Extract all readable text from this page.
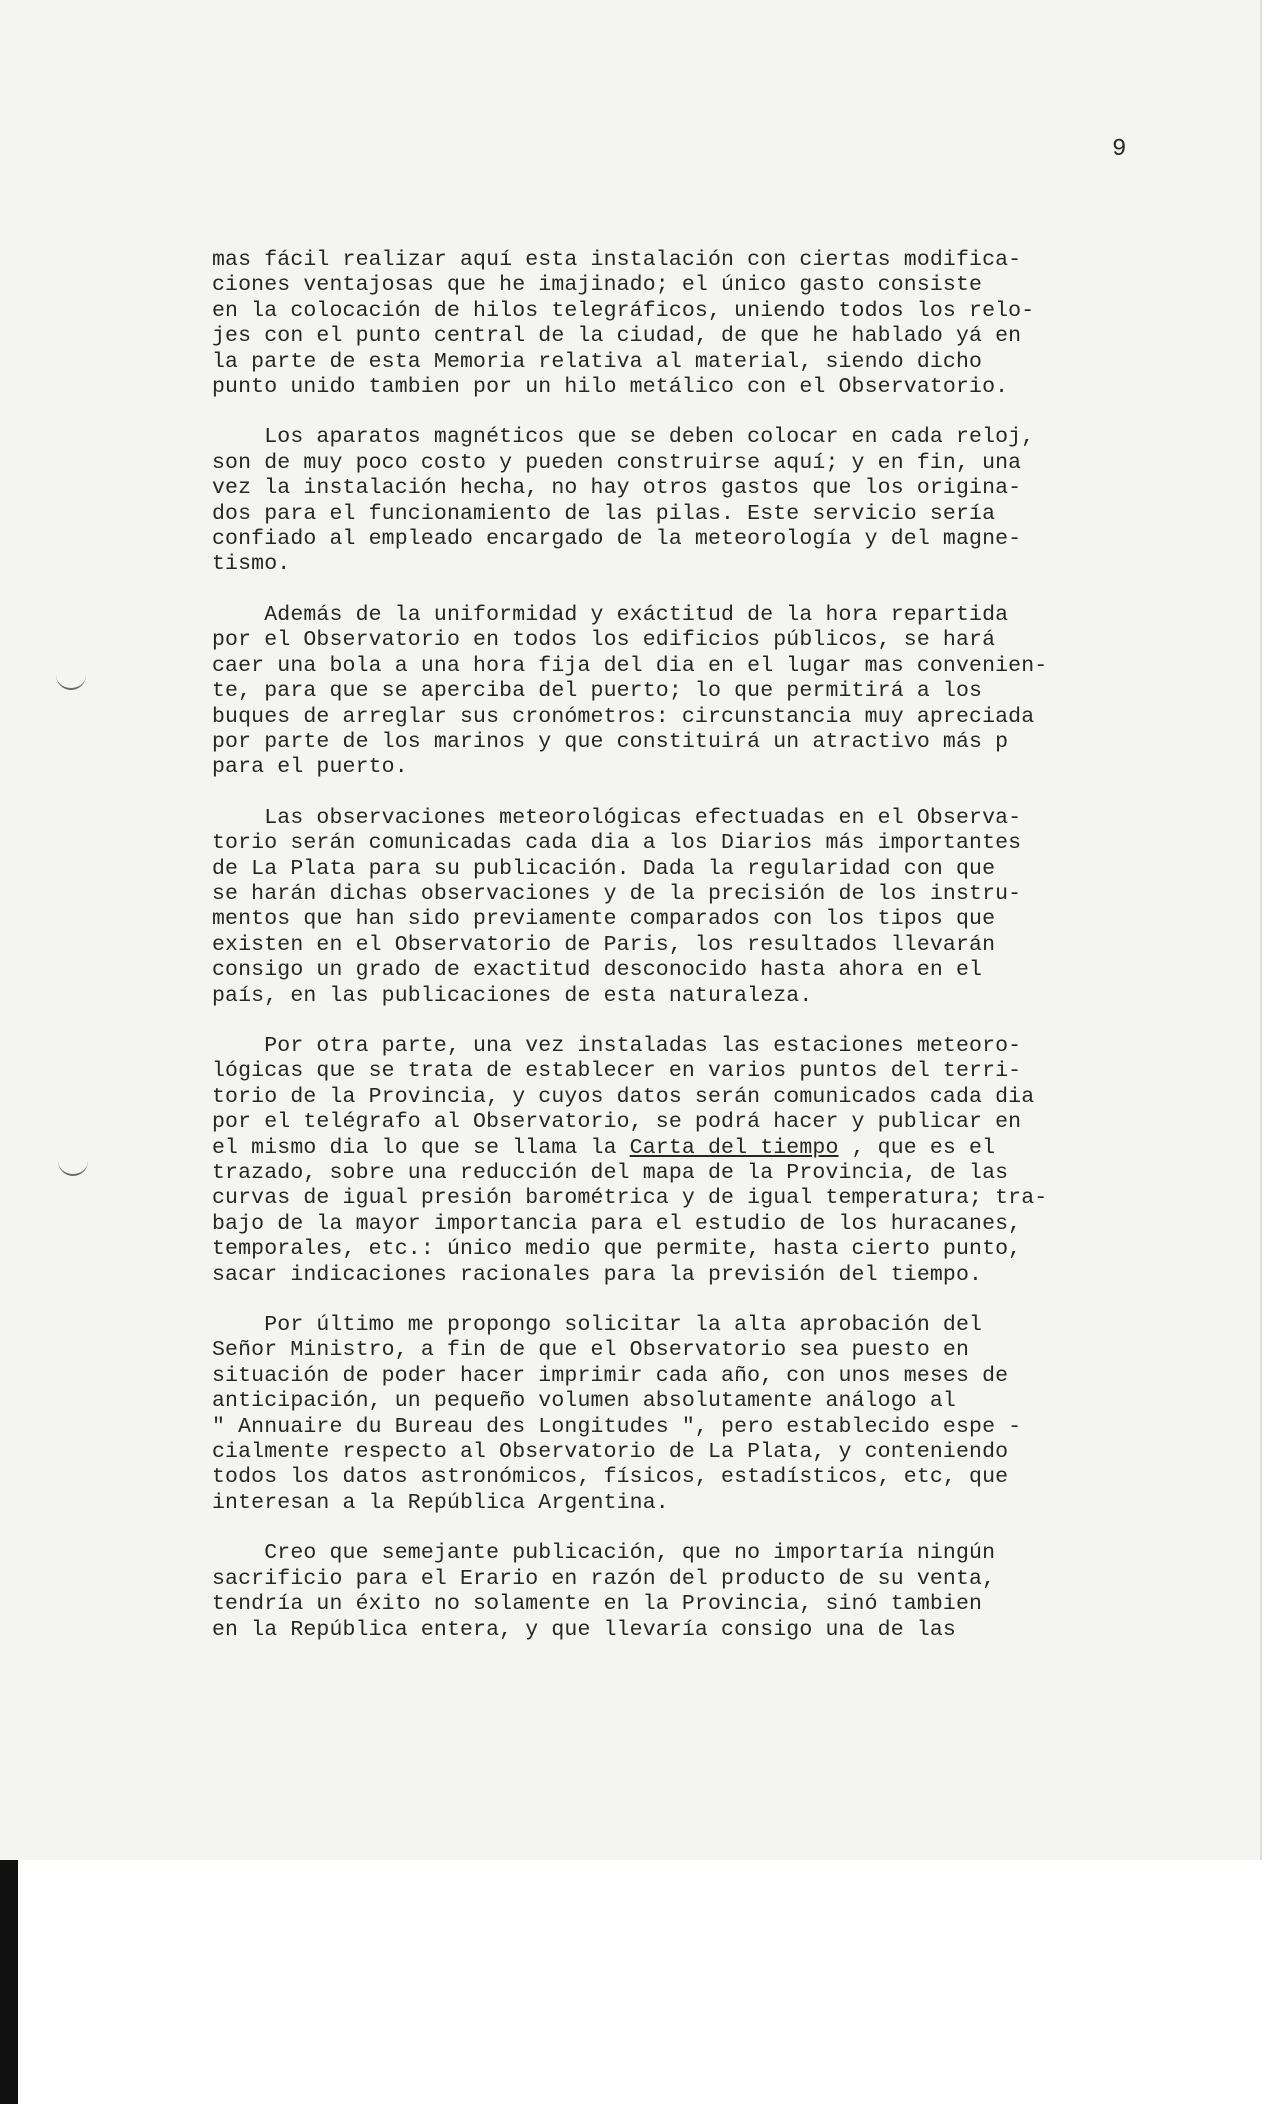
9
mas fácil realizar aquí esta instalación con ciertas modifica-
ciones ventajosas que he imajinado; el único gasto consiste
en la colocación de hilos telegráficos, uniendo todos los relo-
jes con el punto central de la ciudad, de que he hablado yá en
la parte de esta Memoria relativa al material, siendo dicho
punto unido tambien por un hilo metálico con el Observatorio.
Los aparatos magnéticos que se deben colocar en cada reloj,
son de muy poco costo y pueden construirse aquí; y en fin, una
vez la instalación hecha, no hay otros gastos que los origina-
dos para el funcionamiento de las pilas. Este servicio sería
confiado al empleado encargado de la meteorología y del magne-
tismo.
Además de la uniformidad y exáctitud de la hora repartida
por el Observatorio en todos los edificios públicos, se hará
caer una bola a una hora fija del dia en el lugar mas convenien-
te, para que se aperciba del puerto; lo que permitirá a los
buques de arreglar sus cronómetros: circunstancia muy apreciada
por parte de los marinos y que constituirá un atractivo más p
para el puerto.
Las observaciones meteorológicas efectuadas en el Observa-
torio serán comunicadas cada dia a los Diarios más importantes
de La Plata para su publicación. Dada la regularidad con que
se harán dichas observaciones y de la precisión de los instru-
mentos que han sido previamente comparados con los tipos que
existen en el Observatorio de Paris, los resultados llevarán
consigo un grado de exactitud desconocido hasta ahora en el
país, en las publicaciones de esta naturaleza.
Por otra parte, una vez instaladas las estaciones meteoro-
lógicas que se trata de establecer en varios puntos del terri-
torio de la Provincia, y cuyos datos serán comunicados cada dia
por el telégrafo al Observatorio, se podrá hacer y publicar en
el mismo dia lo que se llama la Carta del tiempo , que es el
trazado, sobre una reducción del mapa de la Provincia, de las
curvas de igual presión barométrica y de igual temperatura; tra-
bajo de la mayor importancia para el estudio de los huracanes,
temporales, etc.: único medio que permite, hasta cierto punto,
sacar indicaciones racionales para la previsión del tiempo.
Por último me propongo solicitar la alta aprobación del
Señor Ministro, a fin de que el Observatorio sea puesto en
situación de poder hacer imprimir cada año, con unos meses de
anticipación, un pequeño volumen absolutamente análogo al
" Annuaire du Bureau des Longitudes ", pero establecido espe -
cialmente respecto al Observatorio de La Plata, y conteniendo
todos los datos astronómicos, físicos, estadísticos, etc, que
interesan a la República Argentina.
Creo que semejante publicación, que no importaría ningún
sacrificio para el Erario en razón del producto de su venta,
tendría un éxito no solamente en la Provincia, sinó tambien
en la República entera, y que llevaría consigo una de las
